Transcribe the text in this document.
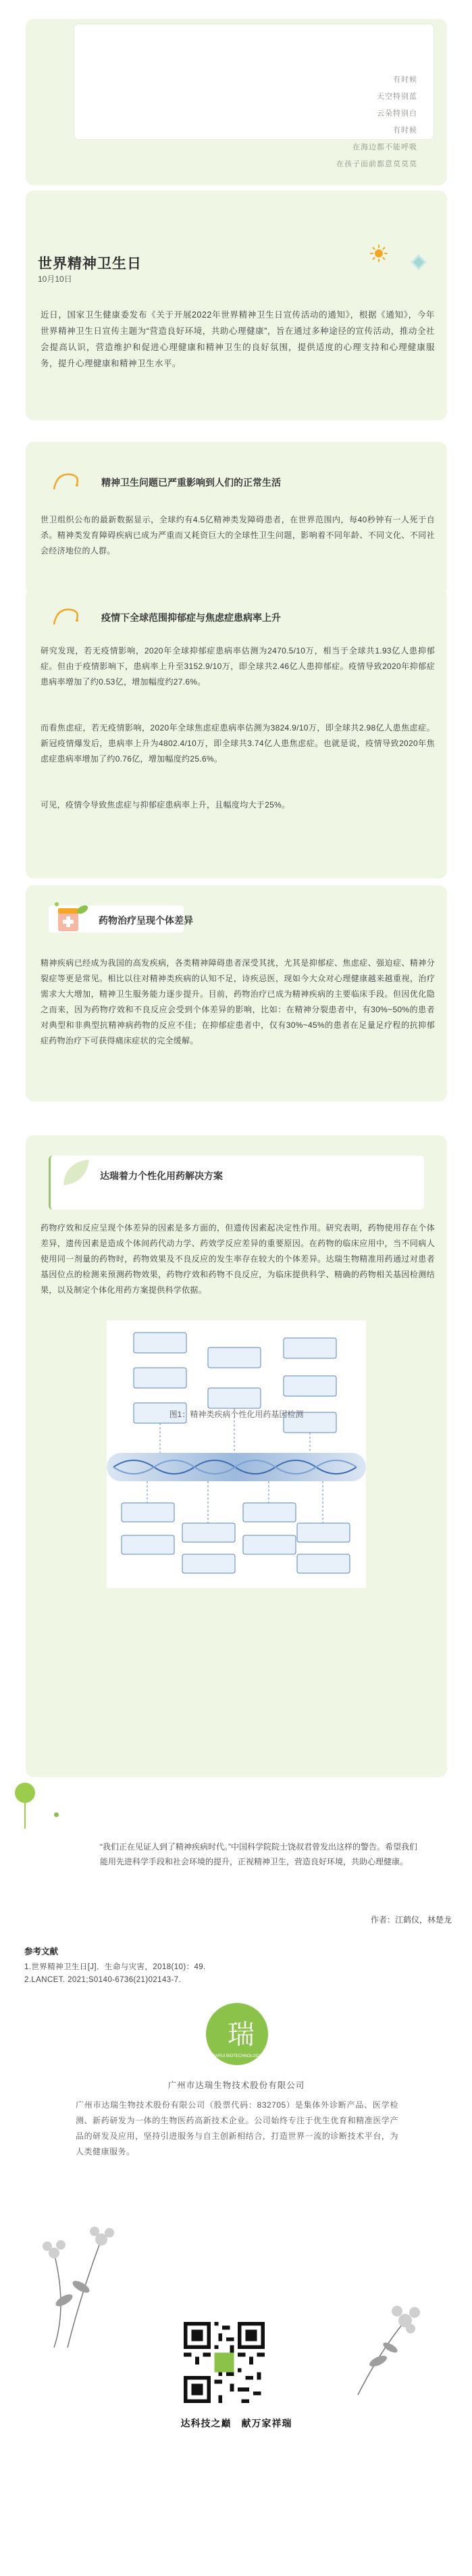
有时候

天空特别蓝

云朵特别白

有时候

在海边都不能呼吸

在孩子面前都意莫莫莫

世界精神卫生日
10月10日
近日，国家卫生健康委发布《关于开展2022年世界精神卫生日宣传活动的通知》，根据《通知》，今年世界精神卫生日宣传主题为“营造良好环境，共助心理健康”，旨在通过多种途径的宣传活动，推动全社会提高认识，营造维护和促进心理健康和精神卫生的良好氛围，提供适度的心理支持和心理健康服务，提升心理健康和精神卫生水平。
精神卫生问题已严重影响到人们的正常生活
世卫组织公布的最新数据显示，全球约有4.5亿精神类发障碍患者，在世界范围内，每40秒钟有一人死于自杀。精神类发育障碍疾病已成为严重而又耗资巨大的全球性卫生问题，影响着不同年龄、不同文化、不同社会经济地位的人群。
疫情下全球范围抑郁症与焦虑症患病率上升
研究发现，若无疫情影响，2020年全球抑郁症患病率估测为2470.5/10万，相当于全球共1.93亿人患抑郁症。但由于疫情影响下，患病率上升至3152.9/10万，即全球共2.46亿人患抑郁症。疫情导致2020年抑郁症患病率增加了约0.53亿，增加幅度约27.6%。
而看焦虑症，若无疫情影响，2020年全球焦虑症患病率估测为3824.9/10万，即全球共2.98亿人患焦虑症。新冠疫情爆发后，患病率上升为4802.4/10万，即全球共3.74亿人患焦虑症。也就是说，疫情导致2020年焦虑症患病率增加了约0.76亿，增加幅度约25.6%。
可见，疫情令导致焦虑症与抑郁症患病率上升，且幅度均大于25%。
药物治疗呈现个体差异
精神疾病已经成为我国的高发疾病，各类精神障碍患者深受其扰，尤其是抑郁症、焦虑症、强迫症、精神分裂症等更是常见。相比以往对精神类疾病的认知不足，诗疾忌医，现如今大众对心理健康越来越重视，治疗需求大大增加，精神卫生服务能力逐步提升。目前，药物治疗已成为精神疾病的主要临床手段。但因优化隐之而来，因为药物疗效和不良反应会受到个体差异的影响，比如：在精神分裂患者中，有30%~50%的患者对典型和非典型抗精神病药物的反应不佳；在抑郁症患者中，仅有30%~45%的患者在足量足疗程的抗抑郁症药物治疗下可获得痛床症状的完全缓解。
达瑞着力个性化用药解决方案
药物疗效和反应呈现个体差异的因素是多方面的，但遗传因素起决定性作用。研究表明，药物使用存在个体差异，遗传因素是造成个体间药代动力学、药效学反应差异的重要原因。在药物的临床应用中，当不同病人使用同一剂量的药物时，药物效果及不良反应的发生率存在较大的个体差异。达瑞生物精准用药通过对患者基因位点的检测来预测药物效果，药物疗效和药物不良反应，为临床提供科学、精确的药物相关基因检测结果，以及制定个体化用药方案提供科学依据。
图1：精神类疾病个性化用药基因检测
“我们正在见证人到了精神疾病时代。”中国科学院院士饶叔君曾发出这样的警告。希望我们能用先进科学手段和社会环境的提升，正视精神卫生，营造良好环境，共助心理健康。
作者：江鹤仪，林楚龙
参考文献
1.世界精神卫生日[J]．生命与灾害，2018(10)：49.
2.LANCET. 2021;S0140-6736(21)02143-7.
瑞
DARUI BIOTECHNOLOGY
广州市达瑞生物技术股份有限公司
广州市达瑞生物技术股份有限公司（股票代码：832705）是集体外诊断产品、医学检测、新药研发为一体的生物医药高新技术企业。公司始终专注于优生优育和精准医学产品的研发及应用，坚持引进服务与自主创新相结合，打造世界一流的诊断技术平台，为人类健康服务。
达科技之巅　献万家祥瑞
